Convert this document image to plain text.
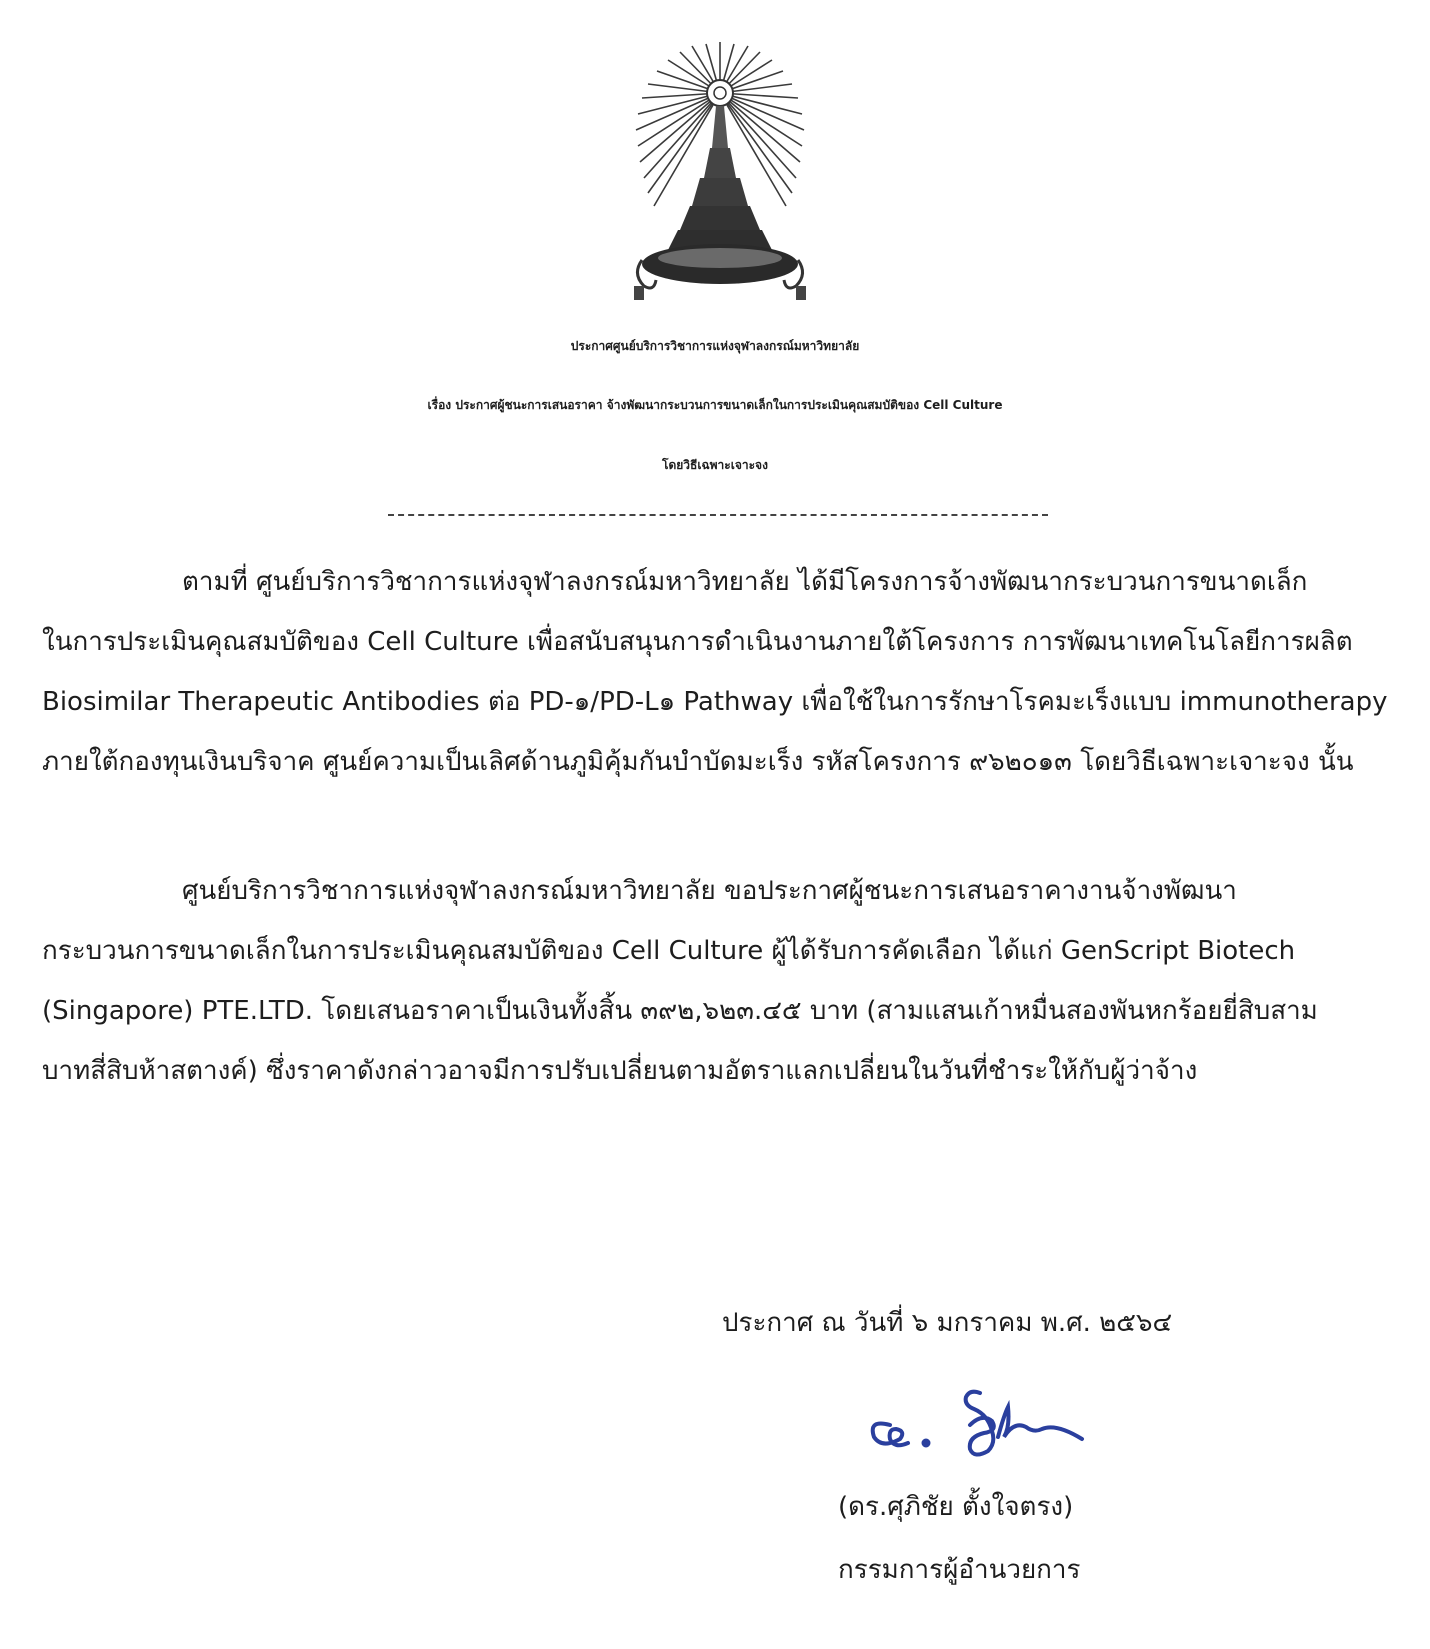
ประกาศศูนย์บริการวิชาการแห่งจุฬาลงกรณ์มหาวิทยาลัย
เรื่อง ประกาศผู้ชนะการเสนอราคา จ้างพัฒนากระบวนการขนาดเล็กในการประเมินคุณสมบัติของ Cell Culture
โดยวิธีเฉพาะเจาะจง
ตามที่ ศูนย์บริการวิชาการแห่งจุฬาลงกรณ์มหาวิทยาลัย ได้มีโครงการจ้างพัฒนากระบวนการขนาดเล็ก
ในการประเมินคุณสมบัติของ Cell Culture เพื่อสนับสนุนการดำเนินงานภายใต้โครงการ การพัฒนาเทคโนโลยีการผลิต
Biosimilar Therapeutic Antibodies ต่อ PD-๑/PD-L๑ Pathway เพื่อใช้ในการรักษาโรคมะเร็งแบบ immunotherapy
ภายใต้กองทุนเงินบริจาค ศูนย์ความเป็นเลิศด้านภูมิคุ้มกันบำบัดมะเร็ง รหัสโครงการ ๙๖๒๐๑๓ โดยวิธีเฉพาะเจาะจง นั้น
ศูนย์บริการวิชาการแห่งจุฬาลงกรณ์มหาวิทยาลัย ขอประกาศผู้ชนะการเสนอราคางานจ้างพัฒนา
กระบวนการขนาดเล็กในการประเมินคุณสมบัติของ Cell Culture ผู้ได้รับการคัดเลือก ได้แก่ GenScript Biotech
(Singapore) PTE.LTD. โดยเสนอราคาเป็นเงินทั้งสิ้น ๓๙๒,๖๒๓.๔๕ บาท (สามแสนเก้าหมื่นสองพันหกร้อยยี่สิบสาม
บาทสี่สิบห้าสตางค์) ซึ่งราคาดังกล่าวอาจมีการปรับเปลี่ยนตามอัตราแลกเปลี่ยนในวันที่ชำระให้กับผู้ว่าจ้าง
ประกาศ ณ วันที่ ๖ มกราคม พ.ศ. ๒๕๖๔
(ดร.ศุภิชัย ตั้งใจตรง)
กรรมการผู้อำนวยการ
